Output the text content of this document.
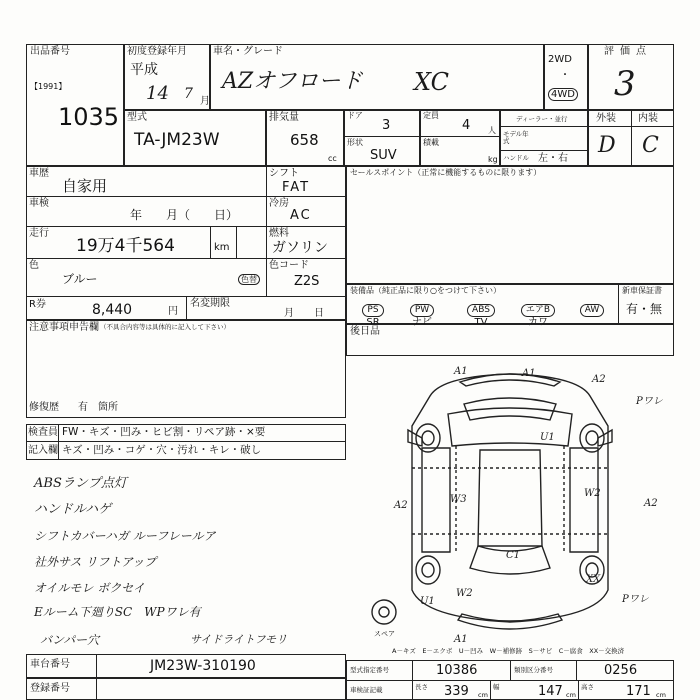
出品番号
【1991】
1035
初度登録年月
平成
14 7 月
車名・グレード
AZオフロード XC
2WD
・
4WD
評価点
3
型式
TA-JM23W
排気量
658
cc
ドア
3
形状
SUV
定員
4 人
積載
kg
ディーラー・並行
モデル年式
ハンドル 左・右
外装 内装
D C
車歴
自家用
シフト
FAT
車検
年　　月（　　日）
冷房
AC
走行
19万4千564	km
燃料
ガソリン
色
ブルー	色替
色コード
Z2S
R券	8,440	円
名変期限
月　　日
セールスポイント（正常に機能するものに限ります）
装備品（純正品に限り○をつけて下さい）	新車保証書
有・無
PS
SR
PW
ナビ
ABS
TV
エアB
カワ
AW
後日品
注意事項申告欄 （不具合内容等は具体的に記入して下さい）
修復歴 有　箇所
検査員 FW・キズ・凹み・ヒビ割・リペア跡・×要
記入欄 キズ・凹み・コゲ・穴・汚れ・キレ・破し
ABSランプ点灯
ハンドルハゲ
シフトカバーハガ ルーフレールア
社外サス リフトアップ
オイルモレ ボクセイ
Eルーム下廻りSC　WPワレ有
バンパー穴	サイドライトフモリ
A1	A1
A2
Pワレ
U1
W3
W2
A2	A2
C1
U1
W2
XX
Pワレ
A1
スペア
A－キズ　E－エクボ　U－凹み　W－補修跡　S－サビ　C－腐食　XX－交換済
車台番号	JM23W-310190
登録番号
型式指定番号	10386	類別区分番号	0256
車検証記載	長さ 339 cm
幅	147 cm
高さ 171 cm
